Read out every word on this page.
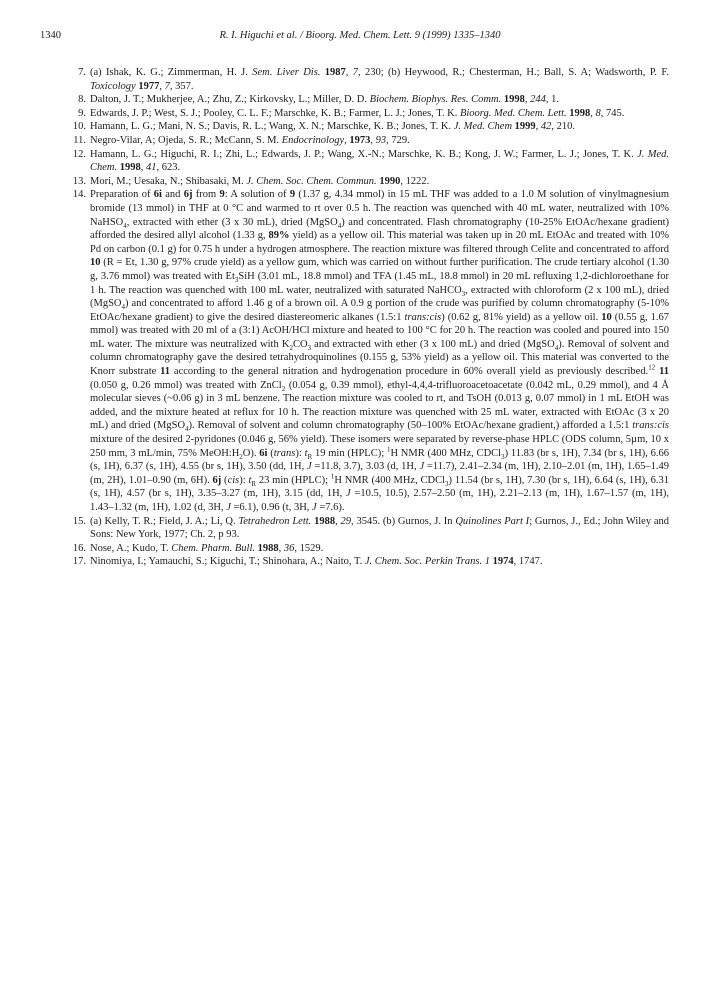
1340	R. I. Higuchi et al. / Bioorg. Med. Chem. Lett. 9 (1999) 1335–1340
7. (a) Ishak, K. G.; Zimmerman, H. J. Sem. Liver Dis. 1987, 7, 230; (b) Heywood, R.; Chesterman, H.; Ball, S. A; Wadsworth, P. F. Toxicology 1977, 7, 357.
8. Dalton, J. T.; Mukherjee, A.; Zhu, Z.; Kirkovsky, L.; Miller, D. D. Biochem. Biophys. Res. Comm. 1998, 244, 1.
9. Edwards, J. P.; West, S. J.; Pooley, C. L. F.; Marschke, K. B.; Farmer, L. J.; Jones, T. K. Bioorg. Med. Chem. Lett. 1998, 8, 745.
10. Hamann, L. G.; Mani, N. S.; Davis, R. L.; Wang, X. N.; Marschke, K. B.; Jones, T. K. J. Med. Chem 1999, 42, 210.
11. Negro-Vilar, A; Ojeda, S. R.; McCann, S. M. Endocrinology, 1973, 93, 729.
12. Hamann, L. G.; Higuchi, R. I.; Zhi, L.; Edwards, J. P.; Wang, X.-N.; Marschke, K. B.; Kong, J. W.; Farmer, L. J.; Jones, T. K. J. Med. Chem. 1998, 41, 623.
13. Mori, M.; Uesaka, N.; Shibasaki, M. J. Chem. Soc. Chem. Commun. 1990, 1222.
14. Preparation of 6i and 6j from 9: A solution of 9 (1.37 g, 4.34 mmol) in 15 mL THF was added to a 1.0 M solution of vinylmagnesium bromide (13 mmol) in THF at 0 °C and warmed to rt over 0.5 h. The reaction was quenched with 40 mL water, neutralized with 10% NaHSO$_4$, extracted with ether (3 x 30 mL), dried (MgSO$_4$) and concentrated. Flash chromatography (10-25% EtOAc/hexane gradient) afforded the desired allyl alcohol (1.33 g, 89% yield) as a yellow oil. This material was taken up in 20 mL EtOAc and treated with 10% Pd on carbon (0.1 g) for 0.75 h under a hydrogen atmosphere. The reaction mixture was filtered through Celite and concentrated to afford 10 (R = Et, 1.30 g, 97% crude yield) as a yellow gum, which was carried on without further purification. The crude tertiary alcohol (1.30 g, 3.76 mmol) was treated with $Et_3SiH$ (3.01 mL, 18.8 mmol) and TFA (1.45 mL, 18.8 mmol) in 20 mL refluxing 1,2-dichloroethane for 1 h. The reaction was quenched with 100 mL water, neutralized with saturated NaHCO$_3$, extracted with chloroform (2 x 100 mL), dried (MgSO$_4$) and concentrated to afford 1.46 g of a brown oil. A 0.9 g portion of the crude was purified by column chromatography (5-10% EtOAc/hexane gradient) to give the desired diastereomeric alkanes (1.5:1 trans:cis) (0.62 g, 81% yield) as a yellow oil. 10 (0.55 g, 1.67 mmol) was treated with 20 ml of a (3:1) AcOH/HCl mixture and heated to 100 °C for 20 h. The reaction was cooled and poured into 150 mL water. The mixture was neutralized with $K_2CO_3$ and extracted with ether (3 x 100 mL) and dried (MgSO$_4$). Removal of solvent and column chromatography gave the desired tetrahydroquinolines (0.155 g, 53% yield) as a yellow oil. This material was converted to the Knorr substrate 11 according to the general nitration and hydrogenation procedure in 60% overall yield as previously described.$^{12}$ 11 (0.050 g, 0.26 mmol) was treated with ZnCl$_2$ (0.054 g, 0.39 mmol), ethyl-4,4,4-trifluoroacetoacetate (0.042 mL, 0.29 mmol), and 4 Å molecular sieves (~0.06 g) in 3 mL benzene. The reaction mixture was cooled to rt, and TsOH (0.013 g, 0.07 mmol) in 1 mL EtOH was added, and the mixture heated at reflux for 10 h. The reaction mixture was quenched with 25 mL water, extracted with EtOAc (3 x 20 mL) and dried (MgSO$_4$). Removal of solvent and column chromatography (50–100% EtOAc/hexane gradient,) afforded a 1.5:1 trans:cis mixture of the desired 2-pyridones (0.046 g, 56% yield). These isomers were separated by reverse-phase HPLC (ODS column, 5µm, 10 x 250 mm, 3 mL/min, 75% $MeOH:H_2O$). 6i (trans): $t_R$ 19 min (HPLC); $^1$H NMR (400 MHz, CDCl$_3$) 11.83 (br s, 1H), 7.34 (br s, 1H), 6.66 (s, 1H), 6.37 (s, 1H), 4.55 (br s, 1H), 3.50 (dd, 1H, J =11.8, 3.7), 3.03 (d, 1H, J =11.7), 2.41–2.34 (m, 1H), 2.10–2.01 (m, 1H), 1.65–1.49 (m, 2H), 1.01–0.90 (m, 6H). 6j (cis): $t_R$ 23 min (HPLC); $^1$H NMR (400 MHz, CDCl$_3$) 11.54 (br s, 1H), 7.30 (br s, 1H), 6.64 (s, 1H), 6.31 (s, 1H), 4.57 (br s, 1H), 3.35–3.27 (m, 1H), 3.15 (dd, 1H, J =10.5, 10.5), 2.57–2.50 (m, 1H), 2.21–2.13 (m, 1H), 1.67–1.57 (m, 1H), 1.43–1.32 (m, 1H), 1.02 (d, 3H, J =6.1), 0.96 (t, 3H, J =7.6).
15. (a) Kelly, T. R.; Field, J. A.; Li, Q. Tetrahedron Lett. 1988, 29, 3545. (b) Gurnos, J. In Quinolines Part I; Gurnos, J., Ed.; John Wiley and Sons: New York, 1977; Ch. 2, p 93.
16. Nose, A.; Kudo, T. Chem. Pharm. Bull. 1988, 36, 1529.
17. Ninomiya, I.; Yamauchi, S.; Kiguchi, T.; Shinohara, A.; Naito, T. J. Chem. Soc. Perkin Trans. 1 1974, 1747.
